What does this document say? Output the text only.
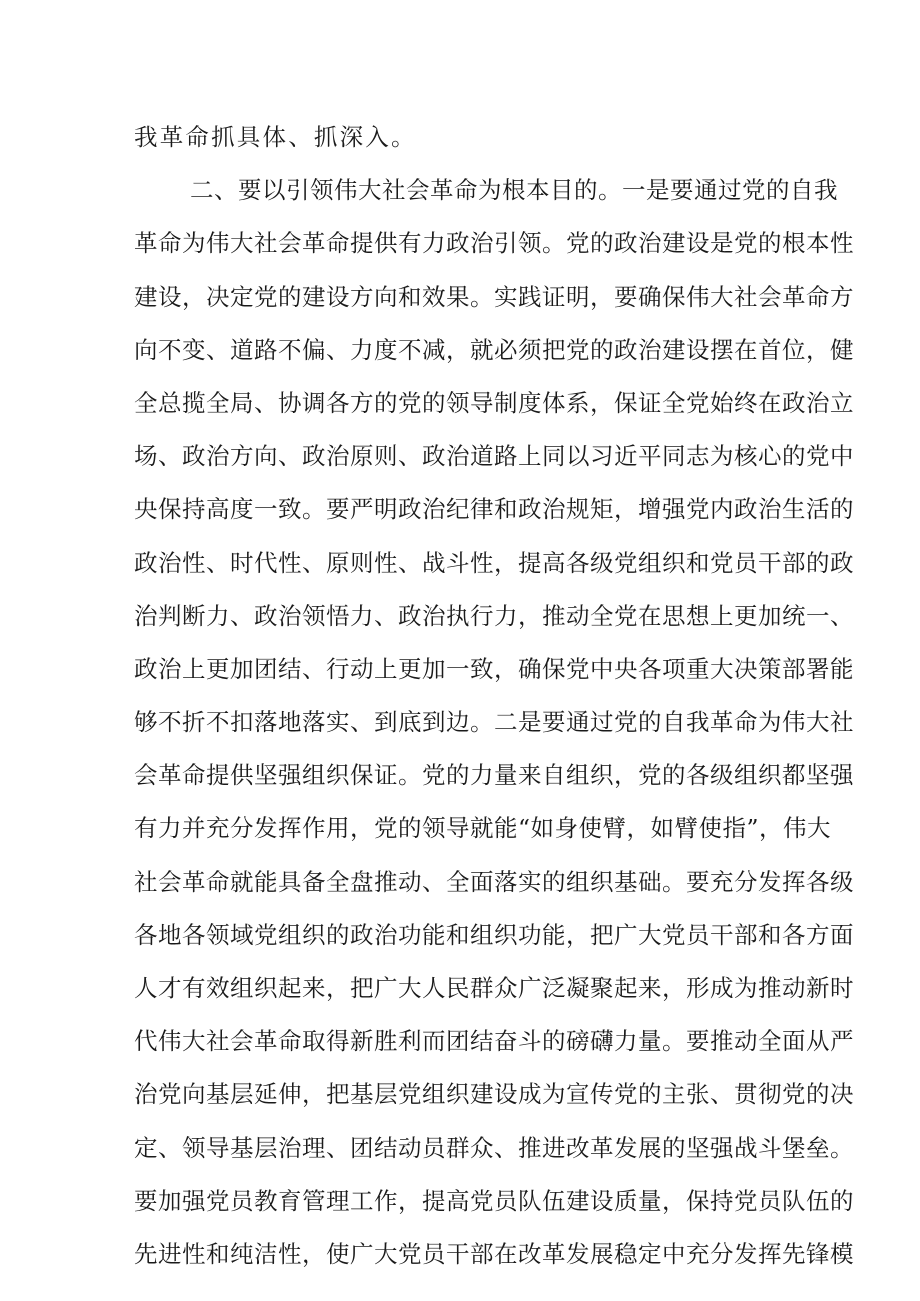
我革命抓具体、抓深入。
二、要以引领伟大社会革命为根本目的。一是要通过党的自我
革命为伟大社会革命提供有力政治引领。党的政治建设是党的根本性
建设，决定党的建设方向和效果。实践证明，要确保伟大社会革命方
向不变、道路不偏、力度不减，就必须把党的政治建设摆在首位，健
全总揽全局、协调各方的党的领导制度体系，保证全党始终在政治立
场、政治方向、政治原则、政治道路上同以习近平同志为核心的党中
央保持高度一致。要严明政治纪律和政治规矩，增强党内政治生活的
政治性、时代性、原则性、战斗性，提高各级党组织和党员干部的政
治判断力、政治领悟力、政治执行力，推动全党在思想上更加统一、
政治上更加团结、行动上更加一致，确保党中央各项重大决策部署能
够不折不扣落地落实、到底到边。二是要通过党的自我革命为伟大社
会革命提供坚强组织保证。党的力量来自组织，党的各级组织都坚强
有力并充分发挥作用，党的领导就能“如身使臂，如臂使指”，伟大
社会革命就能具备全盘推动、全面落实的组织基础。要充分发挥各级
各地各领域党组织的政治功能和组织功能，把广大党员干部和各方面
人才有效组织起来，把广大人民群众广泛凝聚起来，形成为推动新时
代伟大社会革命取得新胜利而团结奋斗的磅礴力量。要推动全面从严
治党向基层延伸，把基层党组织建设成为宣传党的主张、贯彻党的决
定、领导基层治理、团结动员群众、推进改革发展的坚强战斗堡垒。
要加强党员教育管理工作，提高党员队伍建设质量，保持党员队伍的
先进性和纯洁性，使广大党员干部在改革发展稳定中充分发挥先锋模
